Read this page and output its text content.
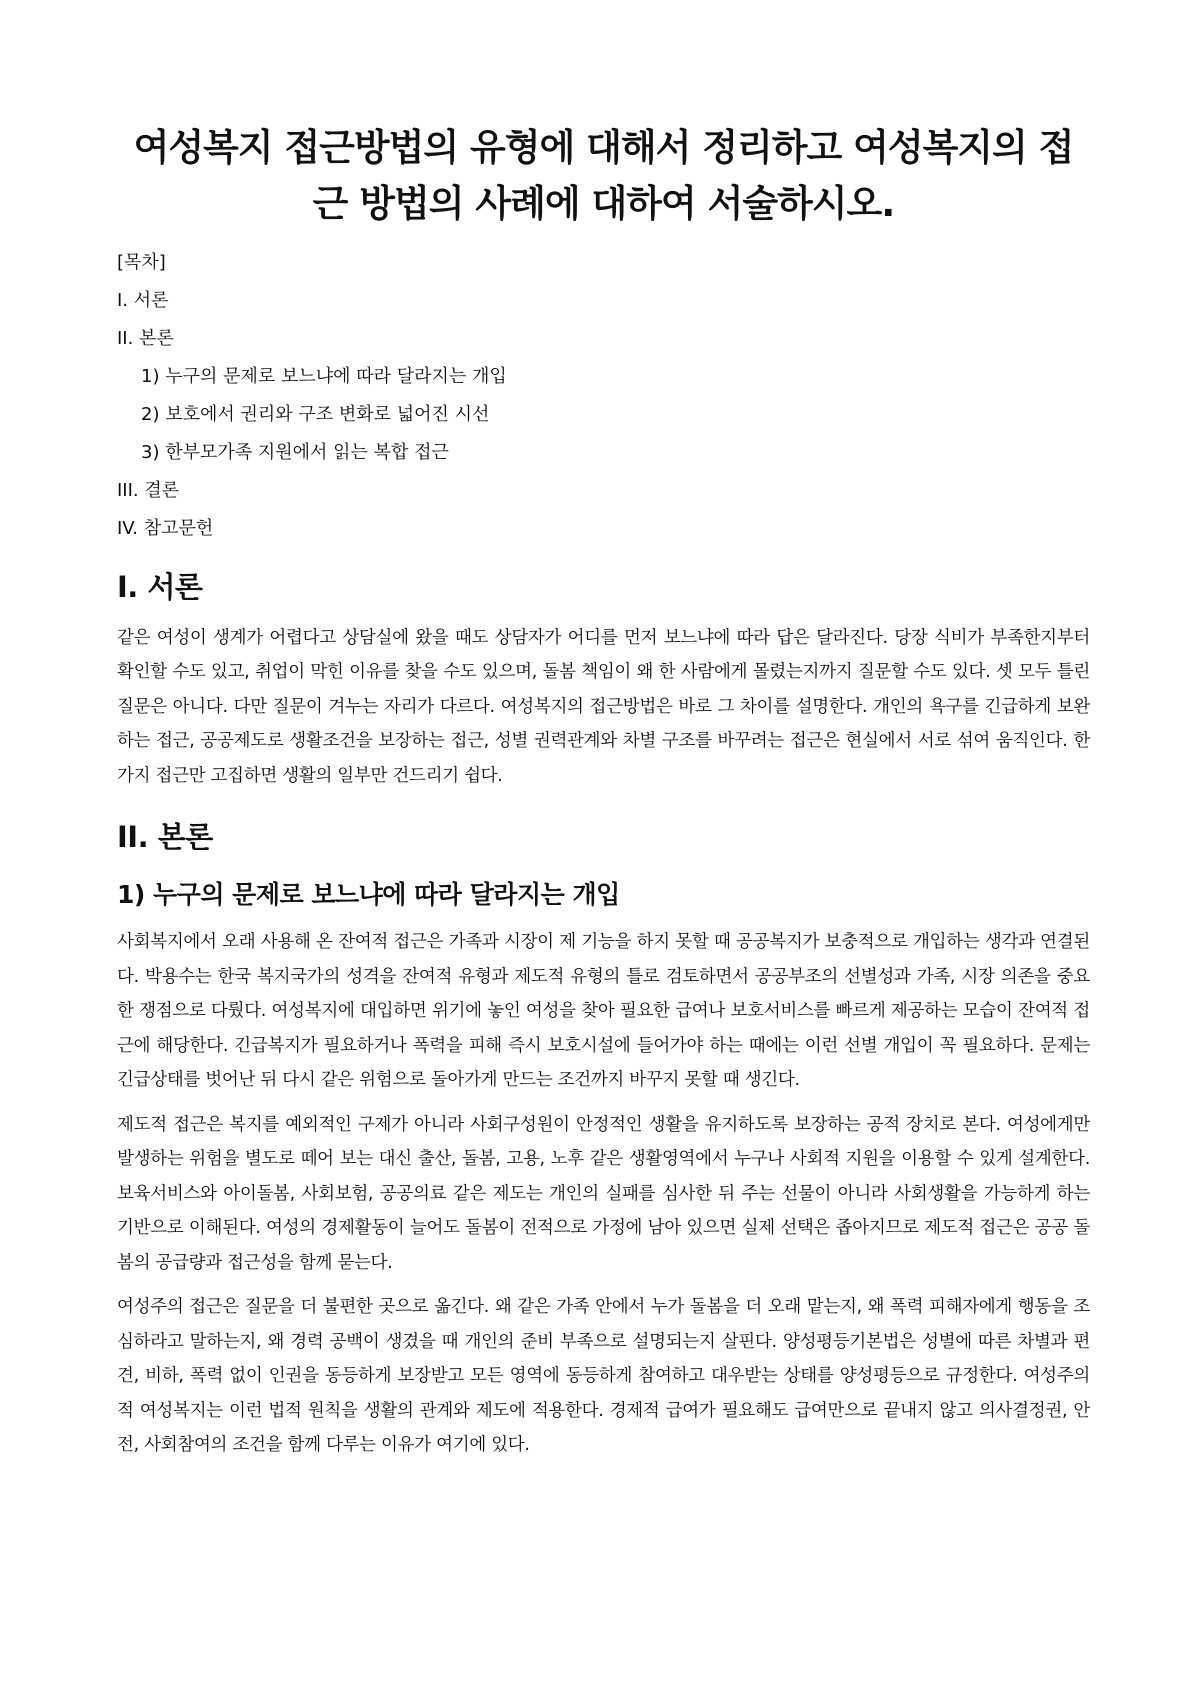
여성복지 접근방법의 유형에 대해서 정리하고 여성복지의 접근 방법의 사례에 대하여 서술하시오.
[목차]
I. 서론
II. 본론
1) 누구의 문제로 보느냐에 따라 달라지는 개입
2) 보호에서 권리와 구조 변화로 넓어진 시선
3) 한부모가족 지원에서 읽는 복합 접근
III. 결론
IV. 참고문헌
I. 서론

같은 여성이 생계가 어렵다고 상담실에 왔을 때도 상담자가 어디를 먼저 보느냐에 따라 답은 달라진다. 당장 식비가 부족한지부터 확인할 수도 있고, 취업이 막힌 이유를 찾을 수도 있으며, 돌봄 책임이 왜 한 사람에게 몰렸는지까지 질문할 수도 있다. 셋 모두 틀린 질문은 아니다. 다만 질문이 겨누는 자리가 다르다. 여성복지의 접근방법은 바로 그 차이를 설명한다. 개인의 욕구를 긴급하게 보완하는 접근, 공공제도로 생활조건을 보장하는 접근, 성별 권력관계와 차별 구조를 바꾸려는 접근은 현실에서 서로 섞여 움직인다. 한 가지 접근만 고집하면 생활의 일부만 건드리기 쉽다.

II. 본론
1) 누구의 문제로 보느냐에 따라 달라지는 개입

사회복지에서 오래 사용해 온 잔여적 접근은 가족과 시장이 제 기능을 하지 못할 때 공공복지가 보충적으로 개입하는 생각과 연결된다. 박용수는 한국 복지국가의 성격을 잔여적 유형과 제도적 유형의 틀로 검토하면서 공공부조의 선별성과 가족, 시장 의존을 중요한 쟁점으로 다뤘다. 여성복지에 대입하면 위기에 놓인 여성을 찾아 필요한 급여나 보호서비스를 빠르게 제공하는 모습이 잔여적 접근에 해당한다. 긴급복지가 필요하거나 폭력을 피해 즉시 보호시설에 들어가야 하는 때에는 이런 선별 개입이 꼭 필요하다. 문제는 긴급상태를 벗어난 뒤 다시 같은 위험으로 돌아가게 만드는 조건까지 바꾸지 못할 때 생긴다.

제도적 접근은 복지를 예외적인 구제가 아니라 사회구성원이 안정적인 생활을 유지하도록 보장하는 공적 장치로 본다. 여성에게만 발생하는 위험을 별도로 떼어 보는 대신 출산, 돌봄, 고용, 노후 같은 생활영역에서 누구나 사회적 지원을 이용할 수 있게 설계한다. 보육서비스와 아이돌봄, 사회보험, 공공의료 같은 제도는 개인의 실패를 심사한 뒤 주는 선물이 아니라 사회생활을 가능하게 하는 기반으로 이해된다. 여성의 경제활동이 늘어도 돌봄이 전적으로 가정에 남아 있으면 실제 선택은 좁아지므로 제도적 접근은 공공 돌봄의 공급량과 접근성을 함께 묻는다.

여성주의 접근은 질문을 더 불편한 곳으로 옮긴다. 왜 같은 가족 안에서 누가 돌봄을 더 오래 맡는지, 왜 폭력 피해자에게 행동을 조심하라고 말하는지, 왜 경력 공백이 생겼을 때 개인의 준비 부족으로 설명되는지 살핀다. 양성평등기본법은 성별에 따른 차별과 편견, 비하, 폭력 없이 인권을 동등하게 보장받고 모든 영역에 동등하게 참여하고 대우받는 상태를 양성평등으로 규정한다. 여성주의적 여성복지는 이런 법적 원칙을 생활의 관계와 제도에 적용한다. 경제적 급여가 필요해도 급여만으로 끝내지 않고 의사결정권, 안전, 사회참여의 조건을 함께 다루는 이유가 여기에 있다.
